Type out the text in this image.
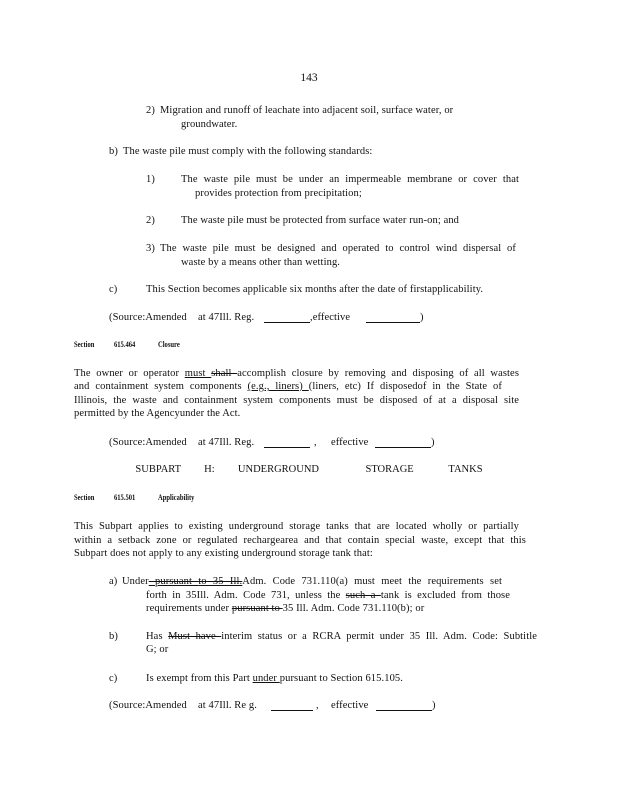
143
2) Migration and runoff of leachate into adjacent soil, surface water, or
groundwater.
b) The waste pile must comply with the following standards:
1) The waste pile must be under an impermeable membrane or cover that
provides protection from precipitation;
2) The waste pile must be protected from surface water run-on; and
3) The waste pile must be designed and operated to control wind dispersal of
waste by a means other than wetting.
c)	This Section becomes applicable six months after the date of firstapplicability.
(Source:Amended at 47Ill. Reg.	,effective	)
Section 615.464	Closure
The owner or operator must shall accomplish closure by removing and disposing of all wastes
and containment system components (e.g., liners) (liners, etc) If disposedof in the State of
Illinois, the waste and containment system components must be disposed of at a disposal site
permitted by the Agencyunder the Act.
(Source:Amended at 47Ill. Reg.	, effective	)
SUBPART  H:  UNDERGROUND    STORAGE   TANKS
Section 615.501	Applicability
This Subpart applies to existing underground storage tanks that are located wholly or partially
within a setback zone or regulated rechargearea and that contain special waste, except that this
Subpart does not apply to any existing underground storage tank that:
a) Under pursuant to 35 Ill.Adm. Code 731.110(a) must meet the requirements set
forth in 35Ill. Adm. Code 731, unless the such a tank is excluded from those
requirements under pursuant to 35 Ill. Adm. Code 731.110(b); or
b)	Has Must have interim status or a RCRA permit under 35 Ill. Adm. Code: Subtitle
G; or
c)	Is exempt from this Part under pursuant to Section 615.105.
(Source:Amended at 47Ill. Re g.	, effective	)
